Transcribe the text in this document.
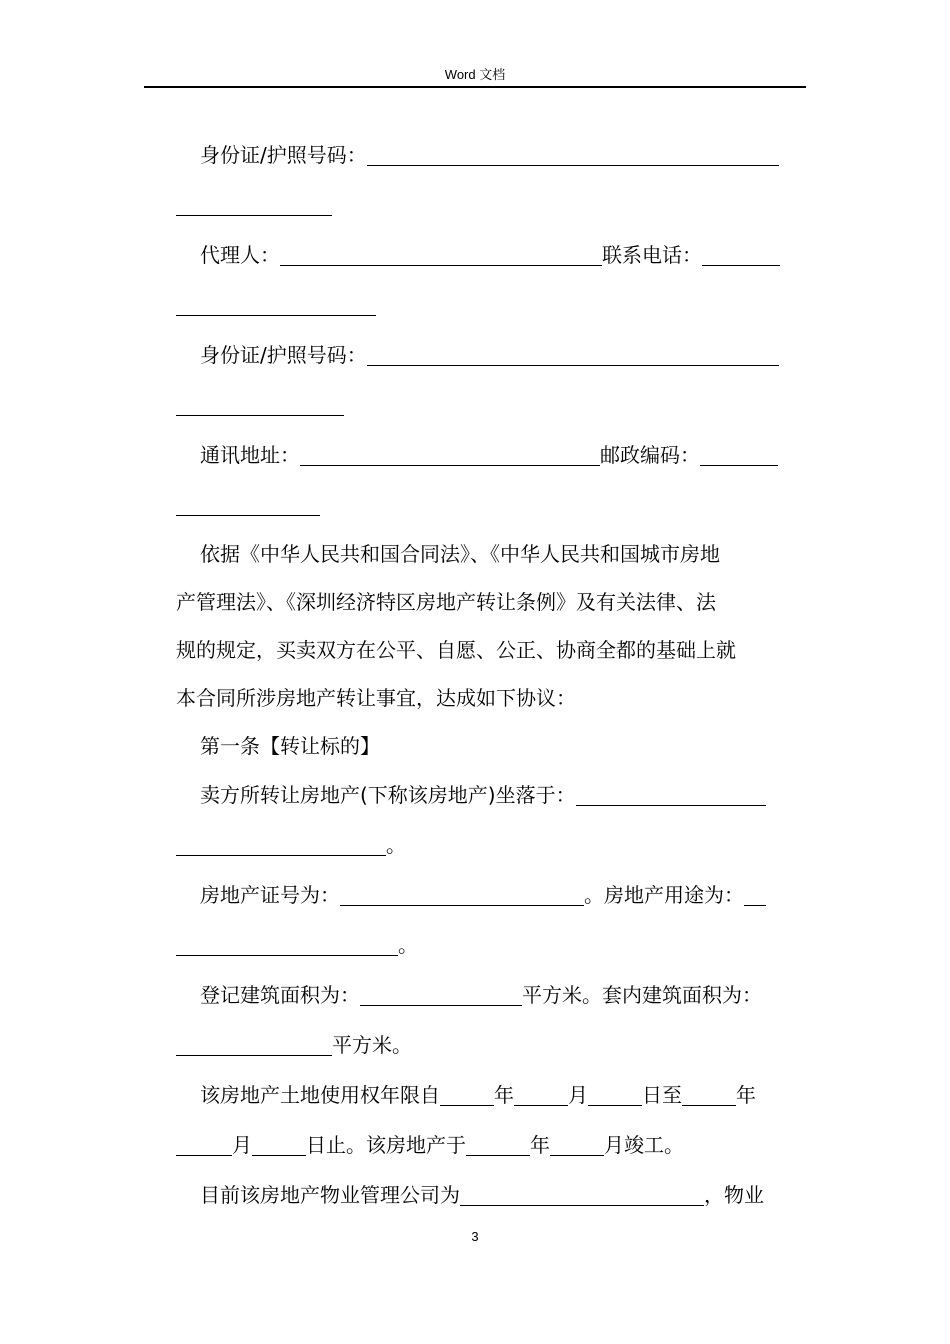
Word 文档
身份证/护照号码：
代理人：	联系电话：
身份证/护照号码：
通讯地址：	邮政编码：
依据《中华人民共和国合同法》、《中华人民共和国城市房地
产管理法》、《深圳经济特区房地产转让条例》及有关法律、法
规的规定，买卖双方在公平、自愿、公正、协商全都的基础上就
本合同所涉房地产转让事宜，达成如下协议：
第一条【转让标的】
卖方所转让房地产(下称该房地产)坐落于：
。
房地产证号为：	。房地产用途为：
。
登记建筑面积为：	平方米。套内建筑面积为：
平方米。
该房地产土地使用权年限自	年	月	日至	年
月	日止。该房地产于	年	月竣工。
目前该房地产物业管理公司为	，物业
3
